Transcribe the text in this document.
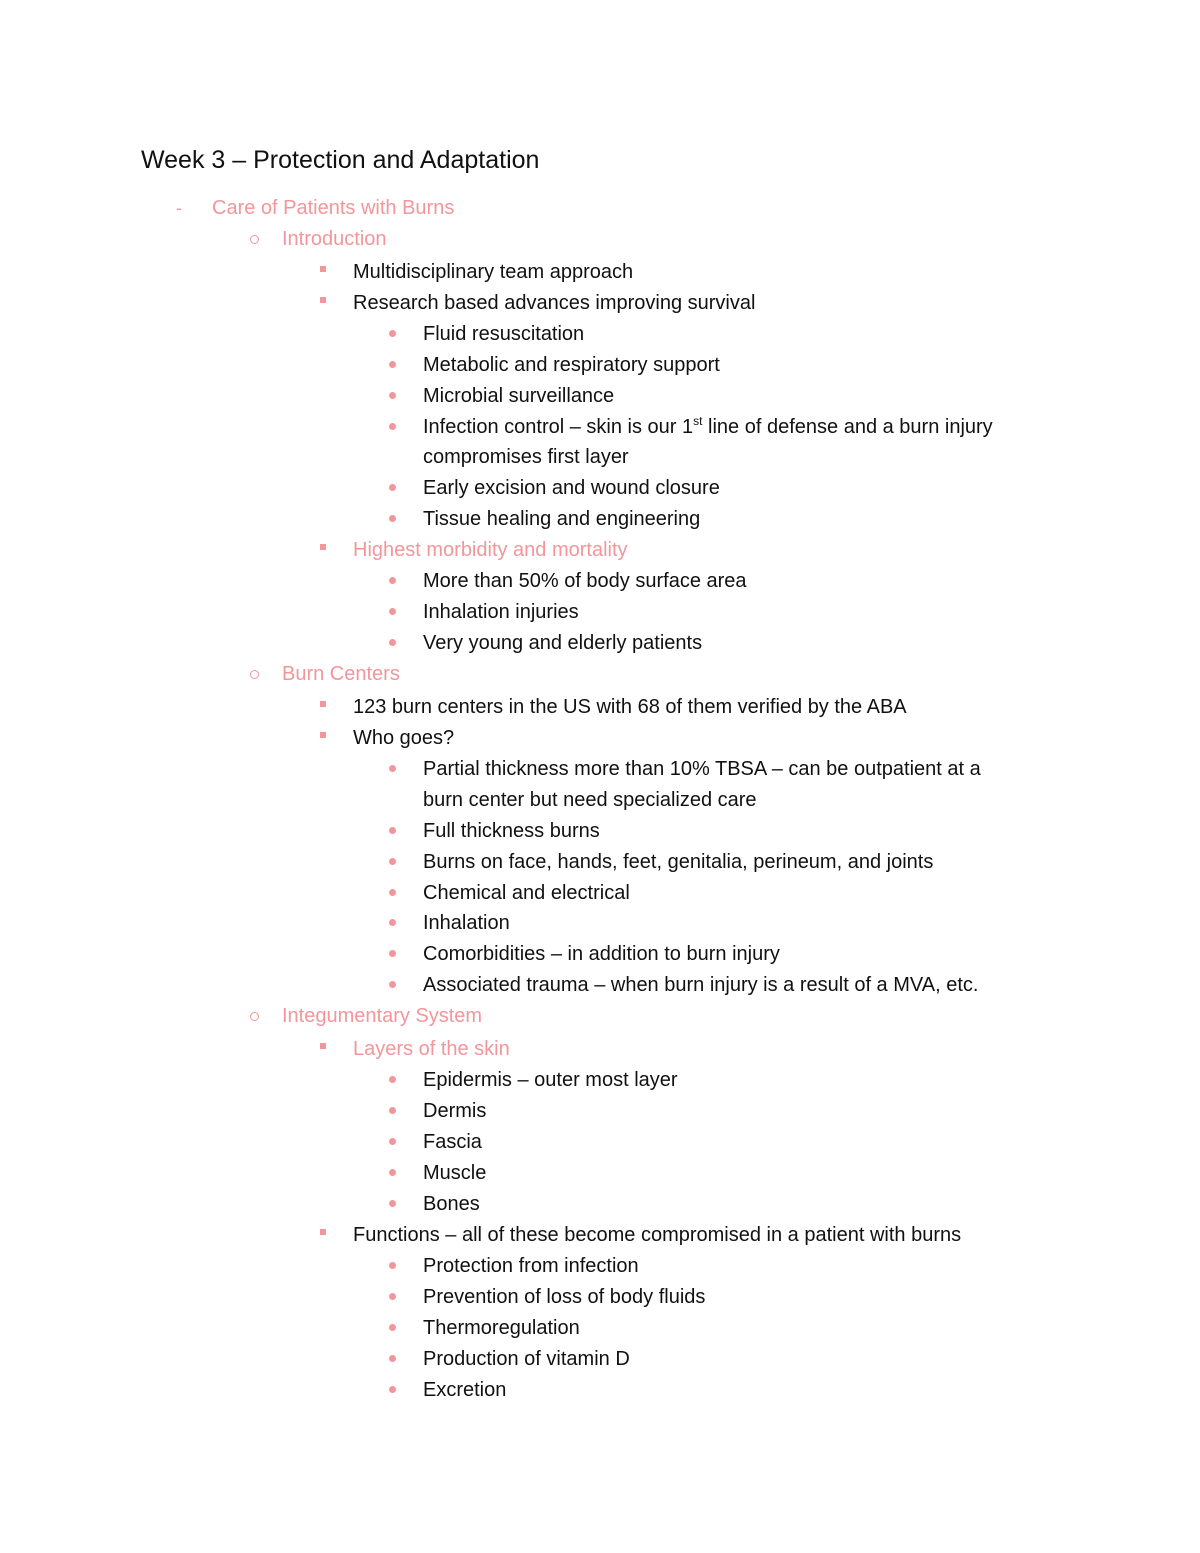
Week 3 – Protection and Adaptation
- Care of Patients with Burns
Introduction
Multidisciplinary team approach
Research based advances improving survival
Fluid resuscitation
Metabolic and respiratory support
Microbial surveillance
Infection control – skin is our 1st line of defense and a burn injury
compromises first layer
Early excision and wound closure
Tissue healing and engineering
Highest morbidity and mortality
More than 50% of body surface area
Inhalation injuries
Very young and elderly patients
Burn Centers
123 burn centers in the US with 68 of them verified by the ABA
Who goes?
Partial thickness more than 10% TBSA – can be outpatient at a
burn center but need specialized care
Full thickness burns
Burns on face, hands, feet, genitalia, perineum, and joints
Chemical and electrical
Inhalation
Comorbidities – in addition to burn injury
Associated trauma – when burn injury is a result of a MVA, etc.
Integumentary System
Layers of the skin
Epidermis – outer most layer
Dermis
Fascia
Muscle
Bones
Functions – all of these become compromised in a patient with burns
Protection from infection
Prevention of loss of body fluids
Thermoregulation
Production of vitamin D
Excretion
